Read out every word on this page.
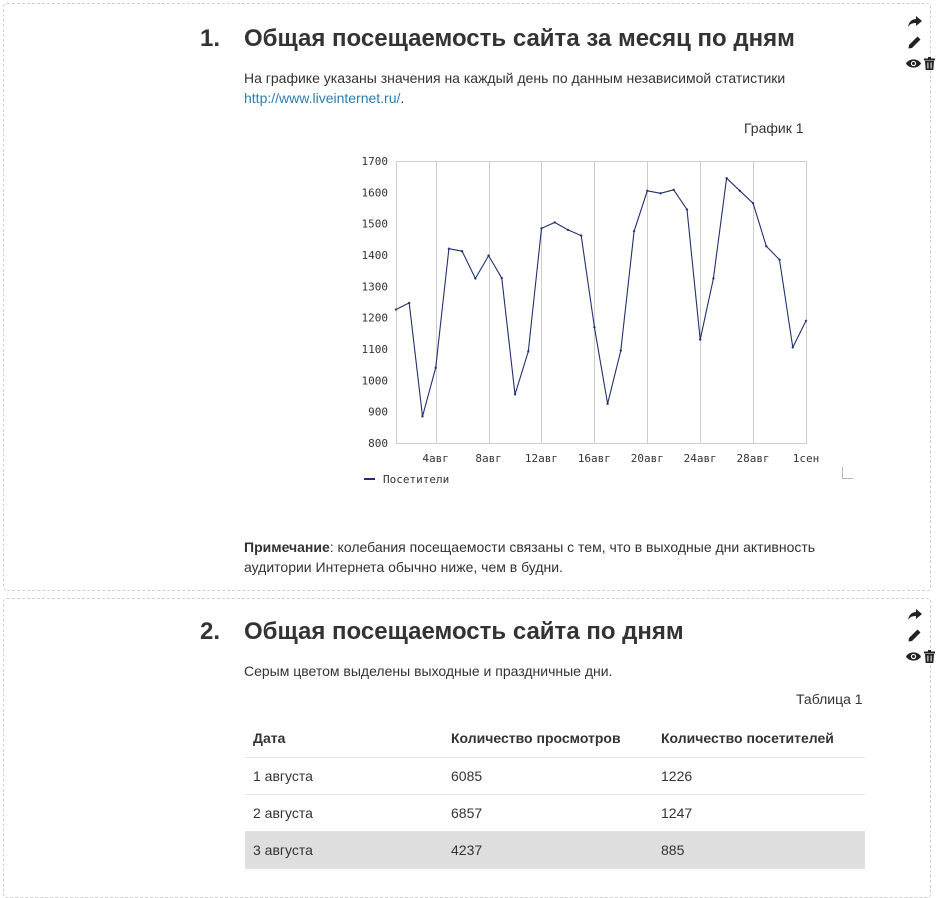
1. Общая посещаемость сайта за месяц по дням
На графике указаны значения на каждый день по данным независимой статистики http://www.liveinternet.ru/.
График 1
800
900
1000
1100
1200
1300
1400
1500
1600
1700
4авг 8авг 12авг 16авг 20авг 24авг 28авг 1сен
Посетители
Примечание: колебания посещаемости связаны с тем, что в выходные дни активность аудитории Интернета обычно ниже, чем в будни.
2. Общая посещаемость сайта по дням
Серым цветом выделены выходные и праздничные дни.
Таблица 1
Дата	Количество просмотров	Количество посетителей
1 августа	6085	1226
2 августа	6857	1247
3 августа	4237	885
